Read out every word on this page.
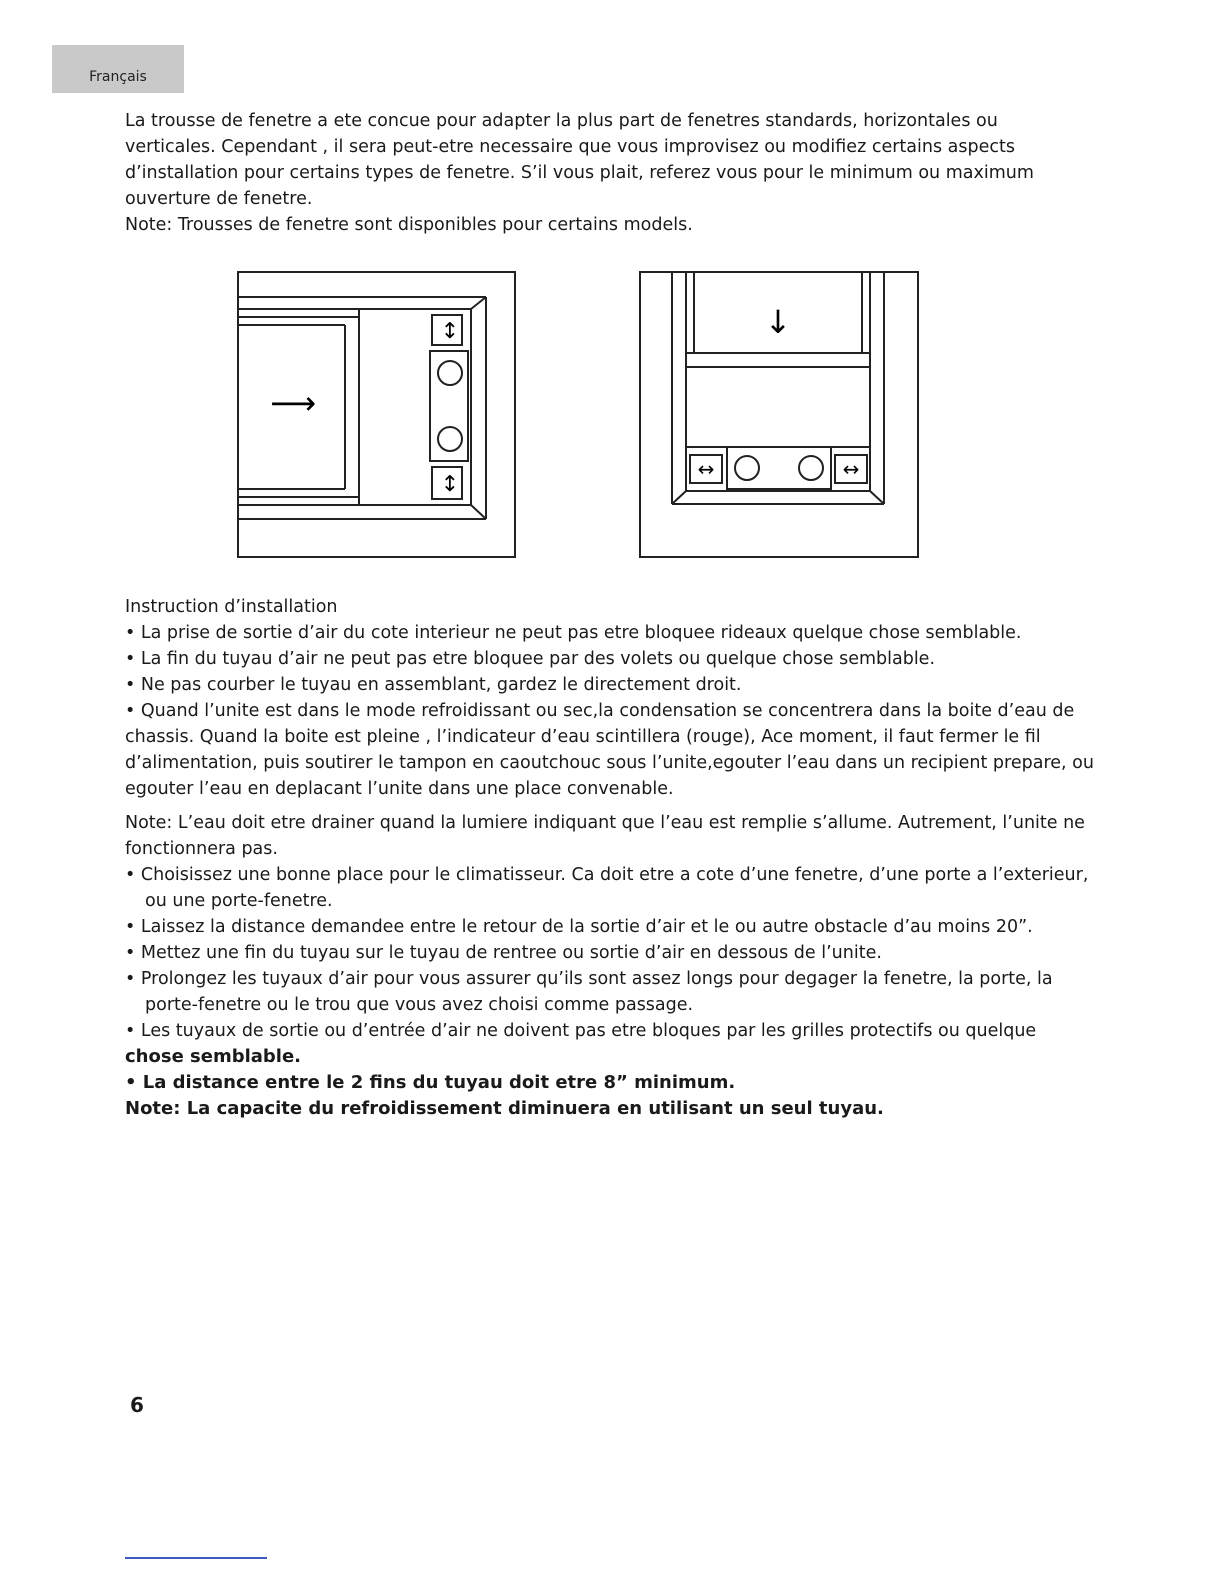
Français

La trousse de fenetre a ete concue pour adapter la plus part de fenetres standards, horizontales ou verticales. Cependant , il sera peut-etre necessaire que vous improvisez ou modifiez certains aspects d’installation pour certains types de fenetre. S’il vous plait, referez vous pour le minimum ou maximum ouverture de fenetre.

Note: Trousses de fenetre sont disponibles pour certains models.

↕
↕
⟶
↓
↔	↔

Instruction d’installation

• La prise de sortie d’air du cote interieur ne peut pas etre bloquee rideaux quelque chose semblable.

• La fin du tuyau d’air ne peut pas etre bloquee par des volets ou quelque chose semblable.

• Ne pas courber le tuyau en assemblant, gardez le directement droit.

• Quand l’unite est dans le mode refroidissant ou sec,la condensation se concentrera dans la boite d’eau de chassis. Quand la boite est pleine , l’indicateur d’eau scintillera (rouge), Ace moment, il faut fermer le fil d’alimentation, puis soutirer le tampon en caoutchouc sous l’unite,egouter l’eau dans un recipient prepare, ou egouter l’eau en deplacant l’unite dans une place convenable.

Note: L’eau doit etre drainer quand la lumiere indiquant que l’eau est remplie s’allume. Autrement, l’unite ne fonctionnera pas.

• Choisissez une bonne place pour le climatisseur. Ca doit etre a cote d’une fenetre, d’une porte a l’exterieur, ou une porte-fenetre.

• Laissez la distance demandee entre le retour de la sortie d’air et le ou autre obstacle d’au moins 20”.

• Mettez une fin du tuyau sur le tuyau de rentree ou sortie d’air en dessous de l’unite.

• Prolongez les tuyaux d’air pour vous assurer qu’ils sont assez longs pour degager la fenetre, la porte, la porte-fenetre ou le trou que vous avez choisi comme passage.

• Les tuyaux de sortie ou d’entrée d’air ne doivent pas etre bloques par les grilles protectifs ou quelque chose semblable.

• La distance entre le 2 fins du tuyau doit etre 8” minimum.

Note: La capacite du refroidissement diminuera en utilisant un seul tuyau.

6
